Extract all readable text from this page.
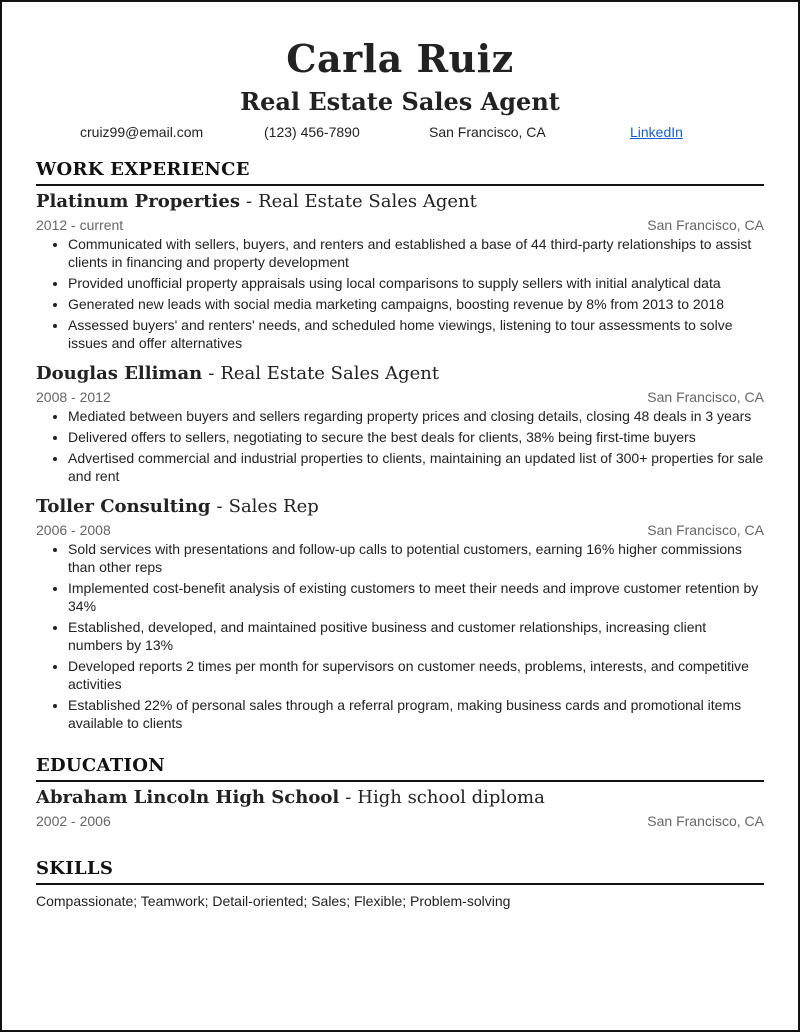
Carla Ruiz
Real Estate Sales Agent
cruiz99@email.com	(123) 456-7890	San Francisco, CA	LinkedIn
WORK EXPERIENCE
Platinum Properties - Real Estate Sales Agent
2012 - current	San Francisco, CA
• Communicated with sellers, buyers, and renters and established a base of 44 third-party relationships to assist clients in financing and property development
• Provided unofficial property appraisals using local comparisons to supply sellers with initial analytical data
• Generated new leads with social media marketing campaigns, boosting revenue by 8% from 2013 to 2018
• Assessed buyers' and renters' needs, and scheduled home viewings, listening to tour assessments to solve issues and offer alternatives
Douglas Elliman - Real Estate Sales Agent
2008 - 2012	San Francisco, CA
• Mediated between buyers and sellers regarding property prices and closing details, closing 48 deals in 3 years
• Delivered offers to sellers, negotiating to secure the best deals for clients, 38% being first-time buyers
• Advertised commercial and industrial properties to clients, maintaining an updated list of 300+ properties for sale and rent
Toller Consulting - Sales Rep
2006 - 2008	San Francisco, CA
• Sold services with presentations and follow-up calls to potential customers, earning 16% higher commissions than other reps
• Implemented cost-benefit analysis of existing customers to meet their needs and improve customer retention by 34%
• Established, developed, and maintained positive business and customer relationships, increasing client numbers by 13%
• Developed reports 2 times per month for supervisors on customer needs, problems, interests, and competitive activities
• Established 22% of personal sales through a referral program, making business cards and promotional items available to clients
EDUCATION
Abraham Lincoln High School - High school diploma
2002 - 2006	San Francisco, CA
SKILLS
Compassionate; Teamwork; Detail-oriented; Sales; Flexible; Problem-solving
